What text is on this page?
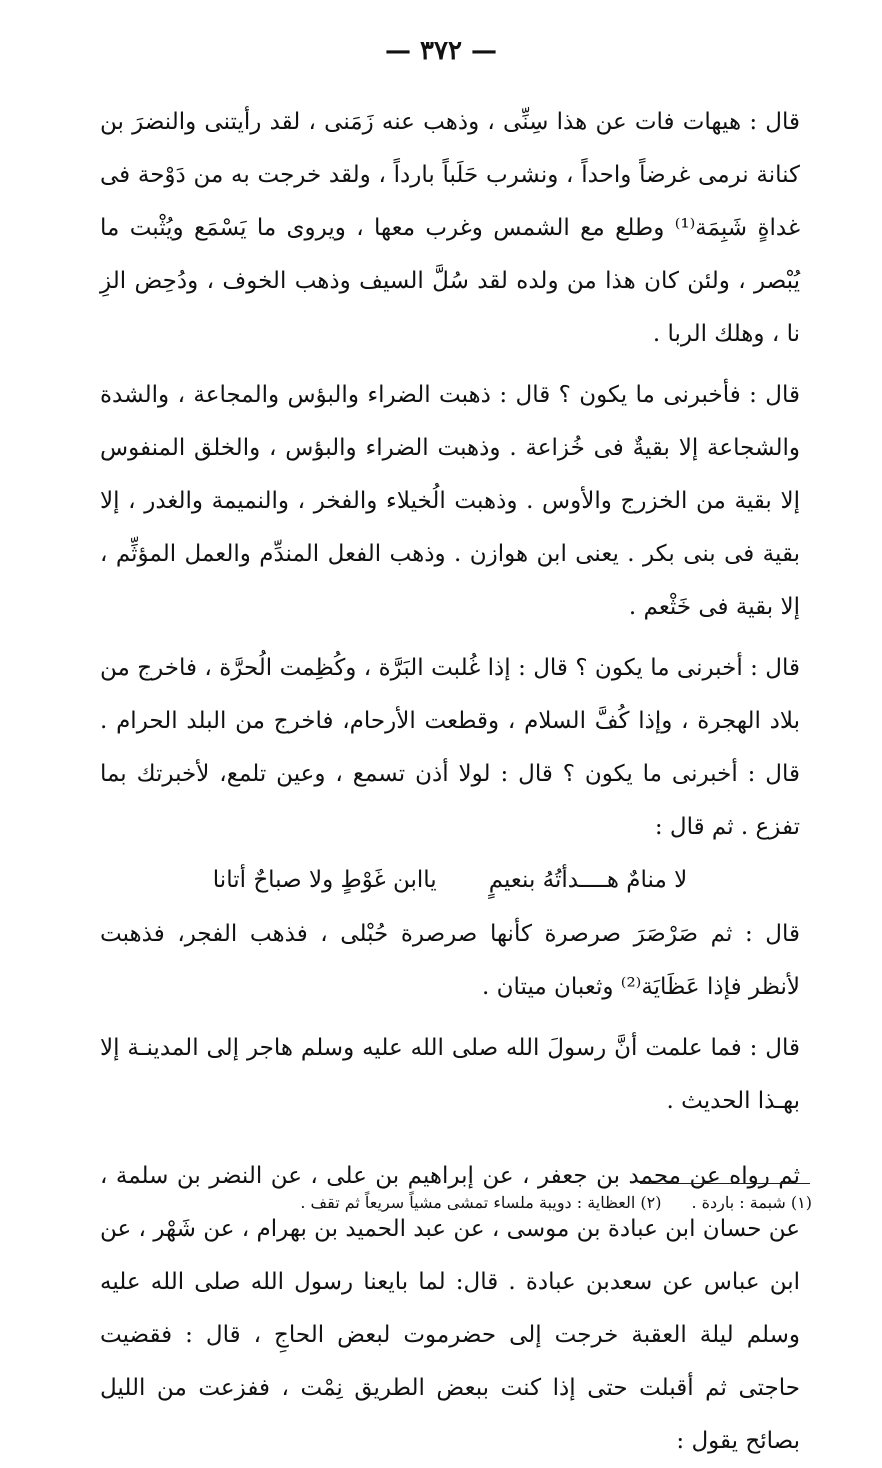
— ٣٧٢ —

قال : هيهات فات عن هذا سِنِّى ، وذهب عنه زَمَنى ، لقد رأيتنى والنضرَ بن كنانة نرمى غرضاً واحداً ، ونشرب حَلَباً بارداً ، ولقد خرجت به من دَوْحة فى غداةٍ شَبِمَة⁽¹⁾ وطلع مع الشمس وغرب معها ، ويروى ما يَسْمَع ويُثْبت ما يُبْصر ، ولئن كان هذا من ولده لقد سُلَّ السيف وذهب الخوف ، ودُحِض الزِ نا ، وهلك الربا .

قال : فأخبرنى ما يكون ؟ قال : ذهبت الضراء والبؤس والمجاعة ، والشدة والشجاعة إلا بقيةٌ فى خُزاعة . وذهبت الضراء والبؤس ، والخلق المنفوس إلا بقية من الخزرج والأوس . وذهبت الُخيلاء والفخر ، والنميمة والغدر ، إلا بقية فى بنى بكر . يعنى ابن هوازن . وذهب الفعل المندِّم والعمل المؤثِّم ، إلا بقية فى خَثْعم .

قال : أخبرنى ما يكون ؟ قال : إذا غُلبت البَرَّة ، وكُظِمت الُحرَّة ، فاخرج من بلاد الهجرة ، وإذا كُفَّ السلام ، وقطعت الأرحام، فاخرج من البلد الحرام . قال : أخبرنى ما يكون ؟ قال : لولا أذن تسمع ، وعين تلمع، لأخبرتك بما تفزع . ثم قال :

لا منامٌ هــــدأتُهُ بنعيمٍ
ياابن غَوْطٍ ولا صباحٌ أتانا

قال : ثم صَرْصَرَ صرصرة كأنها صرصرة حُبْلى ، فذهب الفجر، فذهبت لأنظر فإذا عَظَايَة⁽²⁾ وثعبان ميتان .

قال : فما علمت أنَّ رسولَ الله صلى الله عليه وسلم هاجر إلى المدينـة إلا بهـذا الحديث .

ثم رواه عن محمد بن جعفر ، عن إبراهيم بن على ، عن النضر بن سلمة ، عن حسان ابن عبادة بن موسى ، عن عبد الحميد بن بهرام ، عن شَهْر ، عن ابن عباس عن سعدبن عبادة . قال: لما بايعنا رسول الله صلى الله عليه وسلم ليلة العقبة خرجت إلى حضرموت لبعض الحاجِ ، قال : فقضيت حاجتى ثم أقبلت حتى إذا كنت ببعض الطريق نِمْت ، ففزعت من الليل بصائح يقول :

(١) شبمة : باردة .
(٢) العظاية : دويبة ملساء تمشى مشياً سريعاً ثم تقف .
